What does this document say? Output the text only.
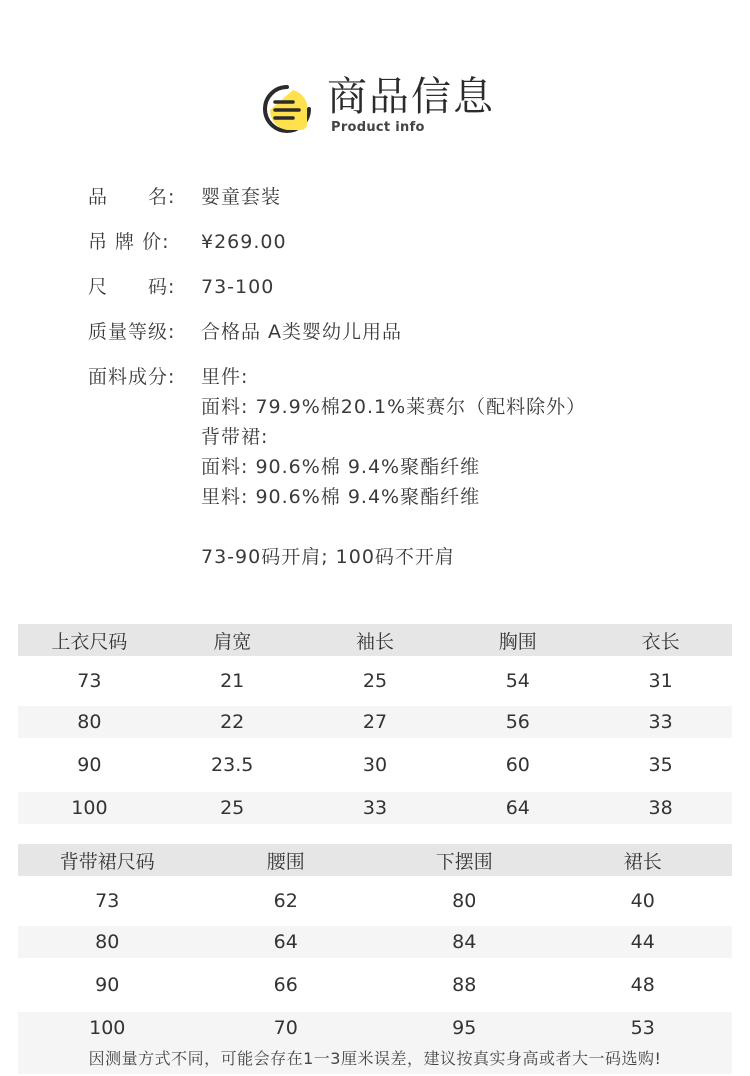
商品信息
Product info
品　　名:	婴童套装
吊 牌 价:	¥269.00
尺　　码:	73-100
质量等级:	合格品 A类婴幼儿用品
面料成分:	里件:
面料: 79.9%棉20.1%莱赛尔（配料除外）
背带裙:
面料: 90.6%棉 9.4%聚酯纤维
里料: 90.6%棉 9.4%聚酯纤维
73-90码开肩; 100码不开肩
上衣尺码	肩宽	袖长	胸围	衣长
73	21	25	54	31
80	22	27	56	33
90	23.5	30	60	35
100	25	33	64	38
背带裙尺码	腰围	下摆围	裙长
73	62	80	40
80	64	84	44
90	66	88	48
100	70	95	53
因测量方式不同，可能会存在1一3厘米误差，建议按真实身高或者大一码选购!
